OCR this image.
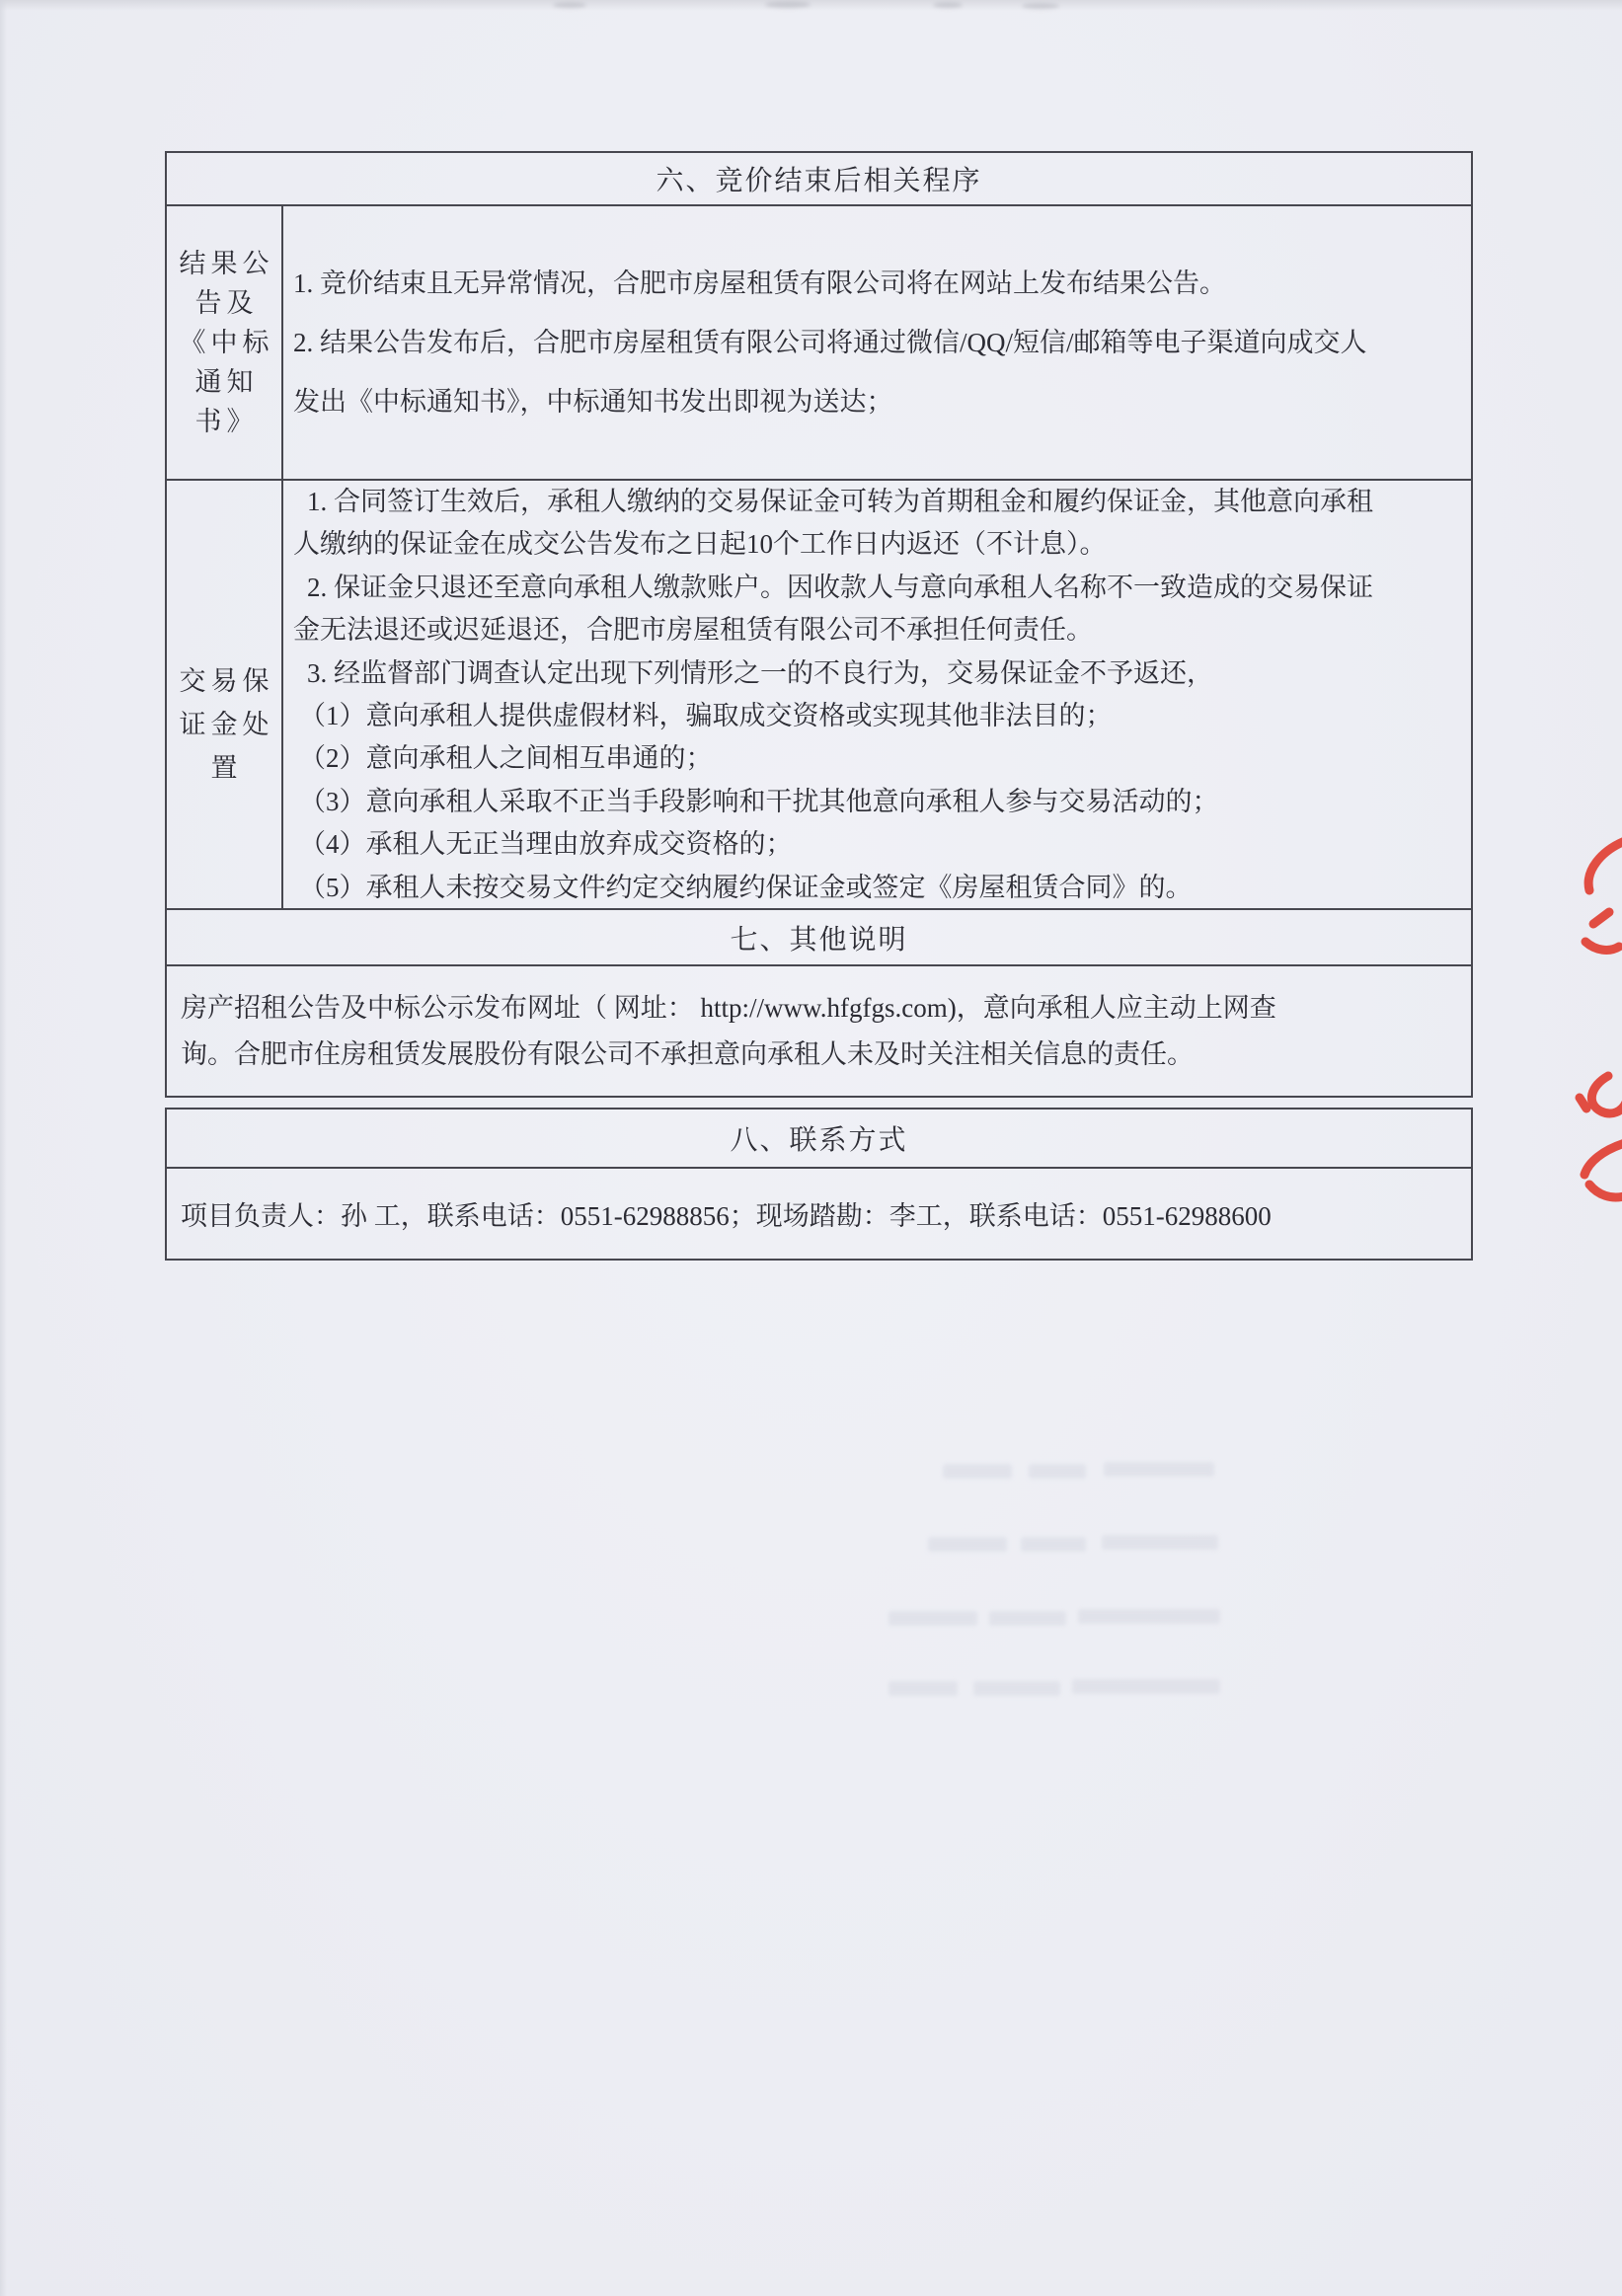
六、竞价结束后相关程序
结果公
告及
《中标
通知
书》
1. 竞价结束且无异常情况，合肥市房屋租赁有限公司将在网站上发布结果公告。
2. 结果公告发布后，合肥市房屋租赁有限公司将通过微信/QQ/短信/邮箱等电子渠道向成交人
发出《中标通知书》，中标通知书发出即视为送达；
交易保
证金处
置
1. 合同签订生效后，承租人缴纳的交易保证金可转为首期租金和履约保证金，其他意向承租
人缴纳的保证金在成交公告发布之日起10个工作日内返还（不计息）。
2. 保证金只退还至意向承租人缴款账户。因收款人与意向承租人名称不一致造成的交易保证
金无法退还或迟延退还，合肥市房屋租赁有限公司不承担任何责任。
3. 经监督部门调查认定出现下列情形之一的不良行为，交易保证金不予返还，
（1）意向承租人提供虚假材料，骗取成交资格或实现其他非法目的；
（2）意向承租人之间相互串通的；
（3）意向承租人采取不正当手段影响和干扰其他意向承租人参与交易活动的；
（4）承租人无正当理由放弃成交资格的；
（5）承租人未按交易文件约定交纳履约保证金或签定《房屋租赁合同》的。
七、其他说明
房产招租公告及中标公示发布网址（ 网址： http://www.hfgfgs.com)，意向承租人应主动上网查
询。合肥市住房租赁发展股份有限公司不承担意向承租人未及时关注相关信息的责任。
八、联系方式
项目负责人：孙 工，联系电话：0551-62988856；现场踏勘：李工，联系电话：0551-62988600
